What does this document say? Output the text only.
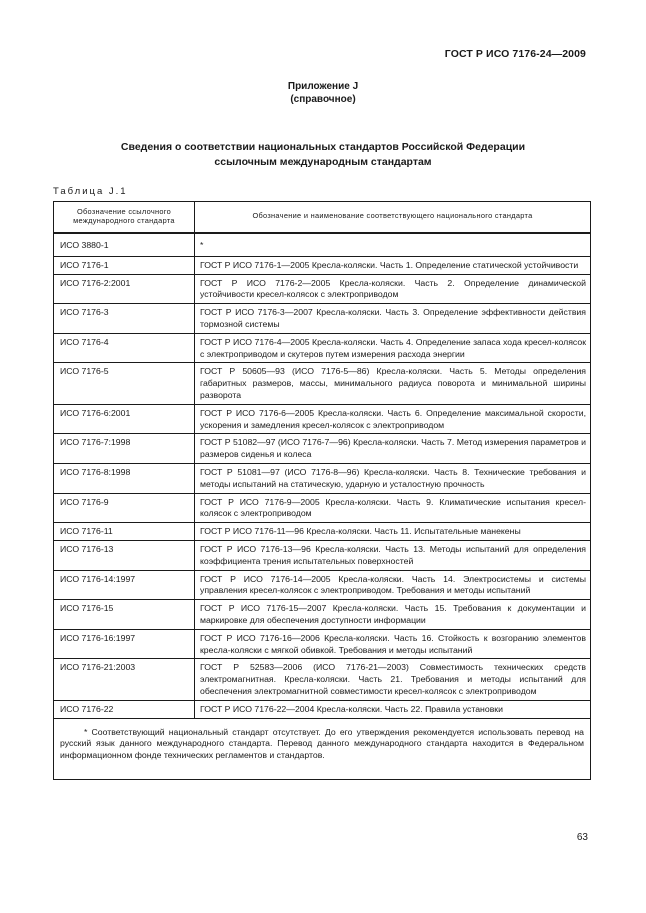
ГОСТ Р ИСО 7176-24—2009
Приложение J
(справочное)
Сведения о соответствии национальных стандартов Российской Федерации
ссылочным международным стандартам
Таблица J.1
Обозначение ссылочного международного стандарта	Обозначение и наименование соответствующего национального стандарта
ИСО 3880-1	*
ИСО 7176-1	ГОСТ Р ИСО 7176-1—2005 Кресла-коляски. Часть 1. Определение статической устойчивости
ИСО 7176-2:2001	ГОСТ Р ИСО 7176-2—2005 Кресла-коляски. Часть 2. Определение динамической устойчивости кресел-колясок с электроприводом
ИСО 7176-3	ГОСТ Р ИСО 7176-3—2007 Кресла-коляски. Часть 3. Определение эффективности действия тормозной системы
ИСО 7176-4	ГОСТ Р ИСО 7176-4—2005 Кресла-коляски. Часть 4. Определение запаса хода кресел-колясок с электроприводом и скутеров путем измерения расхода энергии
ИСО 7176-5	ГОСТ Р 50605—93 (ИСО 7176-5—86) Кресла-коляски. Часть 5. Методы определения габаритных размеров, массы, минимального радиуса поворота и минимальной ширины разворота
ИСО 7176-6:2001	ГОСТ Р ИСО 7176-6—2005 Кресла-коляски. Часть 6. Определение максимальной скорости, ускорения и замедления кресел-колясок с электроприводом
ИСО 7176-7:1998	ГОСТ Р 51082—97 (ИСО 7176-7—96) Кресла-коляски. Часть 7. Метод измерения параметров и размеров сиденья и колеса
ИСО 7176-8:1998	ГОСТ Р 51081—97 (ИСО 7176-8—96) Кресла-коляски. Часть 8. Технические требования и методы испытаний на статическую, ударную и усталостную прочность
ИСО 7176-9	ГОСТ Р ИСО 7176-9—2005 Кресла-коляски. Часть 9. Климатические испытания кресел-колясок с электроприводом
ИСО 7176-11	ГОСТ Р ИСО 7176-11—96 Кресла-коляски. Часть 11. Испытательные манекены
ИСО 7176-13	ГОСТ Р ИСО 7176-13—96 Кресла-коляски. Часть 13. Методы испытаний для определения коэффициента трения испытательных поверхностей
ИСО 7176-14:1997	ГОСТ Р ИСО 7176-14—2005 Кресла-коляски. Часть 14. Электросистемы и системы управления кресел-колясок с электроприводом. Требования и методы испытаний
ИСО 7176-15	ГОСТ Р ИСО 7176-15—2007 Кресла-коляски. Часть 15. Требования к документации и маркировке для обеспечения доступности информации
ИСО 7176-16:1997	ГОСТ Р ИСО 7176-16—2006 Кресла-коляски. Часть 16. Стойкость к возгоранию элементов кресла-коляски с мягкой обивкой. Требования и методы испытаний
ИСО 7176-21:2003	ГОСТ Р 52583—2006 (ИСО 7176-21—2003) Совместимость технических средств электромагнитная. Кресла-коляски. Часть 21. Требования и методы испытаний для обеспечения электромагнитной совместимости кресел-колясок с электроприводом
ИСО 7176-22	ГОСТ Р ИСО 7176-22—2004 Кресла-коляски. Часть 22. Правила установки
* Соответствующий национальный стандарт отсутствует. До его утверждения рекомендуется использовать перевод на русский язык данного международного стандарта. Перевод данного международного стандарта находится в Федеральном информационном фонде технических регламентов и стандартов.	
63
